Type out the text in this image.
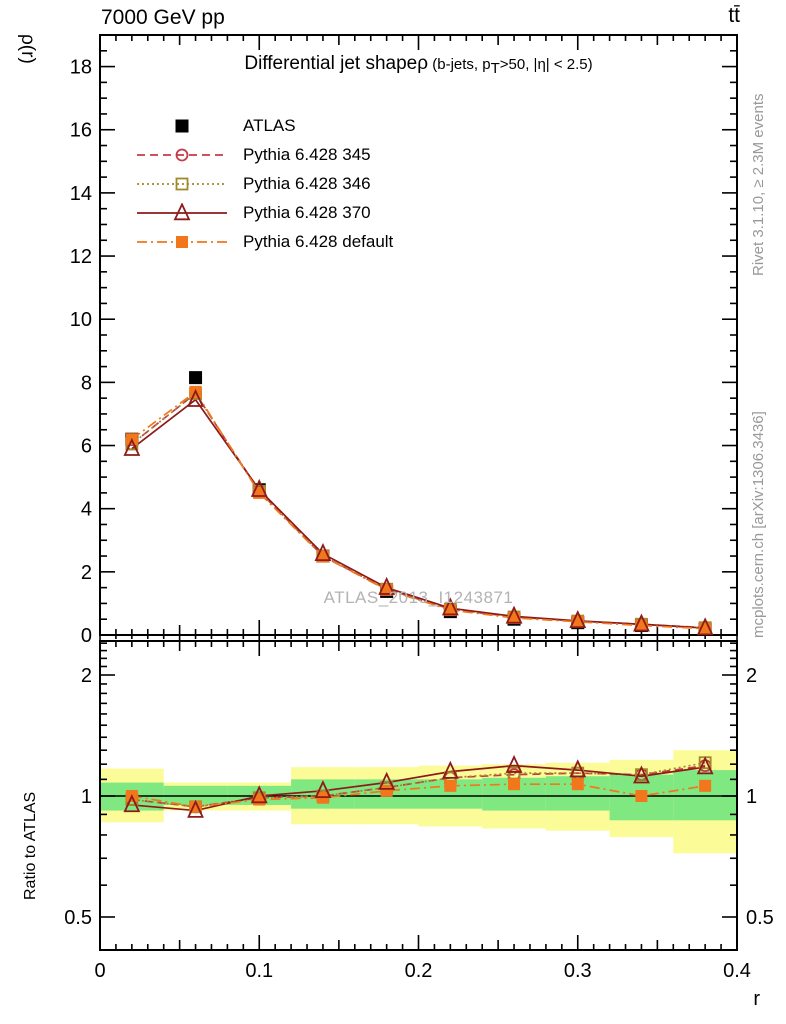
0
2
4
6
8
10
12
14
16
18
0.5	0.5
1	1
2	2
0	0.1	0.2	0.3	0.4
7000 GeV pp	tt̄
Differential jet shapeρ (b-jets, $p_T>50$, |η| < 2.5)
ATLAS
Pythia 6.428 345
Pythia 6.428 346
Pythia 6.428 370
Pythia 6.428 default
ATLAS_2013_I1243871
ρ(r)
Ratio to ATLAS
Rivet 3.1.10, ≥ 2.3M events
mcplots.cern.ch [arXiv:1306.3436]
r
